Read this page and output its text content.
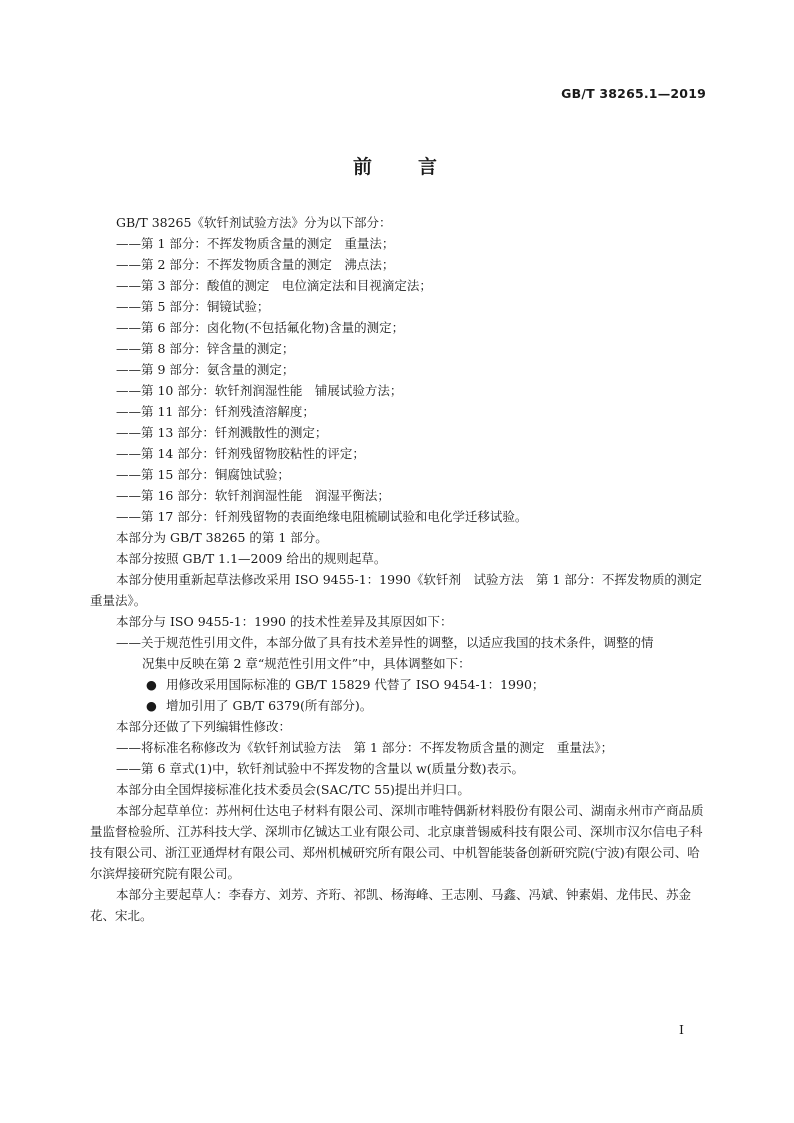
GB/T 38265.1—2019
前 言

GB/T 38265《软钎剂试验方法》分为以下部分：

——第 1 部分：不挥发物质含量的测定　重量法；

——第 2 部分：不挥发物质含量的测定　沸点法；

——第 3 部分：酸值的测定　电位滴定法和目视滴定法；

——第 5 部分：铜镜试验；

——第 6 部分：卤化物(不包括氟化物)含量的测定；

——第 8 部分：锌含量的测定；

——第 9 部分：氨含量的测定；

——第 10 部分：软钎剂润湿性能　铺展试验方法；

——第 11 部分：钎剂残渣溶解度；

——第 13 部分：钎剂溅散性的测定；

——第 14 部分：钎剂残留物胶粘性的评定；

——第 15 部分：铜腐蚀试验；

——第 16 部分：软钎剂润湿性能　润湿平衡法；

——第 17 部分：钎剂残留物的表面绝缘电阻梳刷试验和电化学迁移试验。

本部分为 GB/T 38265 的第 1 部分。

本部分按照 GB/T 1.1—2009 给出的规则起草。

本部分使用重新起草法修改采用 ISO 9455-1：1990《软钎剂　试验方法　第 1 部分：不挥发物质的测定重量法》。

本部分与 ISO 9455-1：1990 的技术性差异及其原因如下：

——关于规范性引用文件，本部分做了具有技术差异性的调整，以适应我国的技术条件，调整的情
况集中反映在第 2 章“规范性引用文件”中，具体调整如下：

● 用修改采用国际标准的 GB/T 15829 代替了 ISO 9454-1：1990；

● 增加引用了 GB/T 6379(所有部分)。

本部分还做了下列编辑性修改：

——将标准名称修改为《软钎剂试验方法　第 1 部分：不挥发物质含量的测定　重量法》；

——第 6 章式(1)中，软钎剂试验中不挥发物的含量以 w(质量分数)表示。

本部分由全国焊接标准化技术委员会(SAC/TC 55)提出并归口。

本部分起草单位：苏州柯仕达电子材料有限公司、深圳市唯特偶新材料股份有限公司、湖南永州市产商品质量监督检验所、江苏科技大学、深圳市亿铖达工业有限公司、北京康普锡威科技有限公司、深圳市汉尔信电子科技有限公司、浙江亚通焊材有限公司、郑州机械研究所有限公司、中机智能装备创新研究院(宁波)有限公司、哈尔滨焊接研究院有限公司。

本部分主要起草人：李春方、刘芳、齐珩、祁凯、杨海峰、王志刚、马鑫、冯斌、钟素娟、龙伟民、苏金花、宋北。

I
